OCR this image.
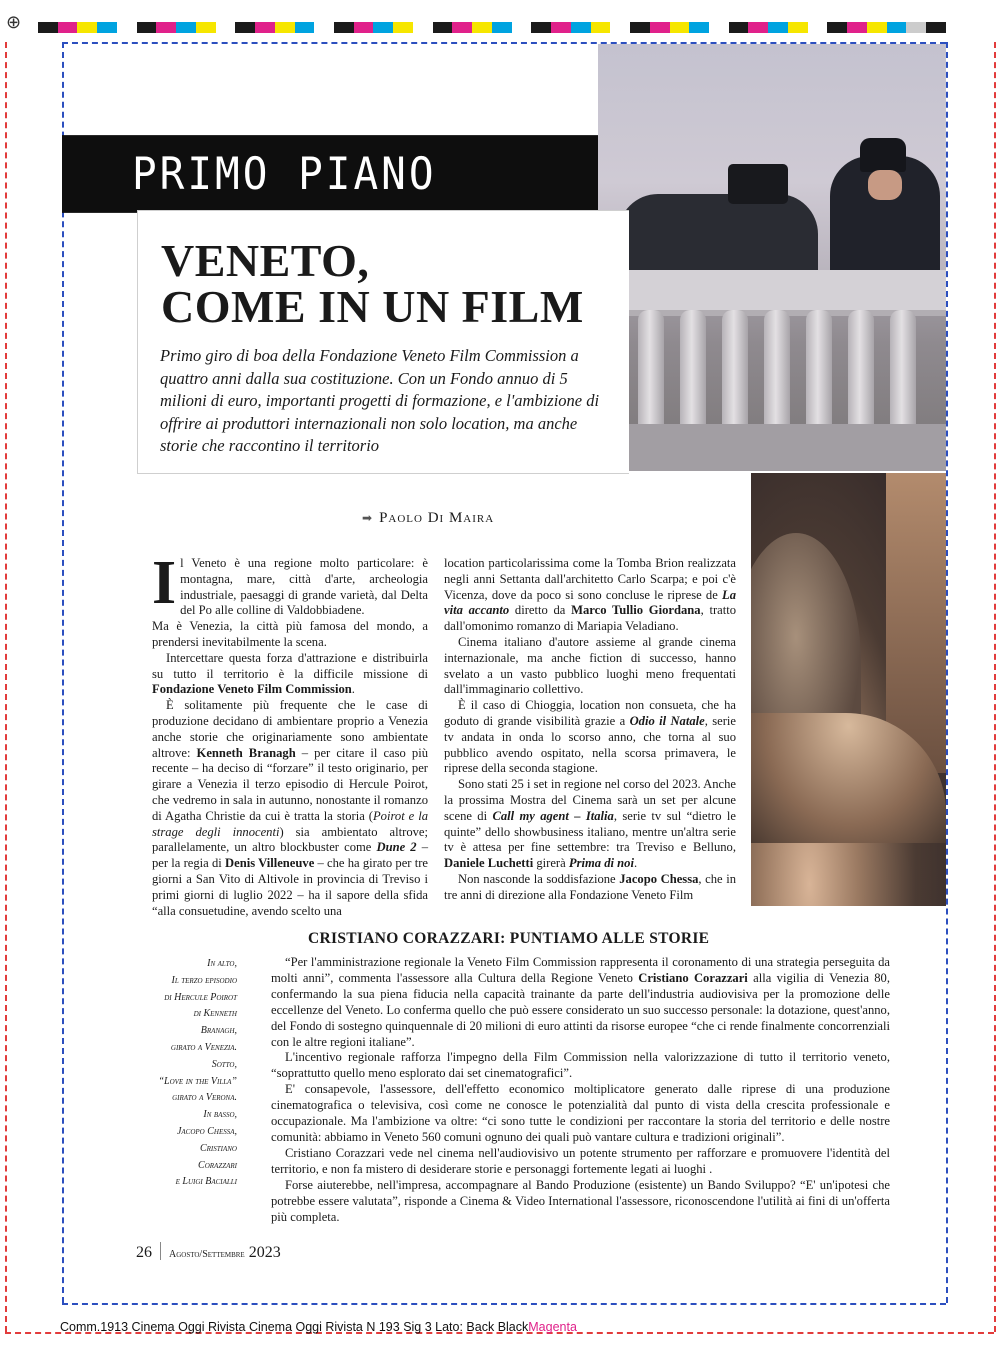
⊕
PRIMO PIANO
VENETO,
COME IN UN FILM
Primo giro di boa della Fondazione Veneto Film Commission a quattro anni dalla sua costituzione. Con un Fondo annuo di 5 milioni di euro, importanti progetti di formazione, e l'ambizione di offrire ai produttori internazionali non solo location, ma anche storie che raccontino il territorio
➡ Paolo Di Maira

Il Veneto è una regione molto particolare: è montagna, mare, città d'arte, archeologia industriale, paesaggi di grande varietà, dal Delta del Po alle colline di Valdobbiadene.

Ma è Venezia, la città più famosa del mondo, a prendersi inevitabilmente la scena.

Intercettare questa forza d'attrazione e distribuirla su tutto il territorio è la difficile missione di Fondazione Veneto Film Commission.

È solitamente più frequente che le case di produzione decidano di ambientare proprio a Venezia anche storie che originariamente sono ambientate altrove: Kenneth Branagh – per citare il caso più recente – ha deciso di “forzare” il testo originario, per girare a Venezia il terzo episodio di Hercule Poirot, che vedremo in sala in autunno, nonostante il romanzo di Agatha Christie da cui è tratta la storia (Poirot e la strage degli innocenti) sia ambientato altrove; parallelamente, un altro blockbuster come Dune 2 – per la regia di Denis Villeneuve – che ha girato per tre giorni a San Vito di Altivole in provincia di Treviso i primi giorni di luglio 2022 – ha il sapore della sfida “alla consuetudine, avendo scelto una

location particolarissima come la Tomba Brion realizzata negli anni Settanta dall'architetto Carlo Scarpa; e poi c'è Vicenza, dove da poco si sono concluse le riprese de La vita accanto diretto da Marco Tullio Giordana, tratto dall'omonimo romanzo di Mariapia Veladiano.

Cinema italiano d'autore assieme al grande cinema internazionale, ma anche fiction di successo, hanno svelato a un vasto pubblico luoghi meno frequentati dall'immaginario collettivo.

È il caso di Chioggia, location non consueta, che ha goduto di grande visibilità grazie a Odio il Natale, serie tv andata in onda lo scorso anno, che torna al suo pubblico avendo ospitato, nella scorsa primavera, le riprese della seconda stagione.

Sono stati 25 i set in regione nel corso del 2023. Anche la prossima Mostra del Cinema sarà un set per alcune scene di Call my agent – Italia, serie tv sul “dietro le quinte” dello showbusiness italiano, mentre un'altra serie tv è attesa per fine settembre: tra Treviso e Belluno, Daniele Luchetti girerà Prima di noi.

Non nasconde la soddisfazione Jacopo Chessa, che in tre anni di direzione alla Fondazione Veneto Film

CRISTIANO CORAZZARI: PUNTIAMO ALLE STORIE
In alto,
Il terzo episodio
di Hercule Poirot
di Kenneth
Branagh,
girato a Venezia.
Sotto,
“Love in the Villa”
girato a Verona.
In basso,
Jacopo Chessa,
Cristiano
Corazzari
e Luigi Bacialli

“Per l'amministrazione regionale la Veneto Film Commission rappresenta il coronamento di una strategia perseguita da molti anni”, commenta l'assessore alla Cultura della Regione Veneto Cristiano Corazzari alla vigilia di Venezia 80, confermando la sua piena fiducia nella capacità trainante da parte dell'industria audiovisiva per la promozione delle eccellenze del Veneto. Lo conferma quello che può essere considerato un suo successo personale: la dotazione, quest'anno, del Fondo di sostegno quinquennale di 20 milioni di euro attinti da risorse europee “che ci rende finalmente concorrenziali con le altre regioni italiane”.

L'incentivo regionale rafforza l'impegno della Film Commission nella valorizzazione di tutto il territorio veneto, “soprattutto quello meno esplorato dai set cinematografici”.

E' consapevole, l'assessore, dell'effetto economico moltiplicatore generato dalle riprese di una produzione cinematografica o televisiva, così come ne conosce le potenzialità dal punto di vista della crescita professionale e occupazionale. Ma l'ambizione va oltre: “ci sono tutte le condizioni per raccontare la storia del territorio e delle nostre comunità: abbiamo in Veneto 560 comuni ognuno dei quali può vantare cultura e tradizioni originali”.

Cristiano Corazzari vede nel cinema nell'audiovisivo un potente strumento per rafforzare e promuovere l'identità del territorio, e non fa mistero di desiderare storie e personaggi fortemente legati ai luoghi .

Forse aiuterebbe, nell'impresa, accompagnare al Bando Produzione (esistente) un Bando Sviluppo? “E' un'ipotesi che potrebbe essere valutata”, risponde a Cinema & Video International l'assessore, riconoscendone l'utilità ai fini di un'offerta più completa.

26 Agosto/Settembre 2023
Comm.1913 Cinema Oggi Rivista Cinema Oggi Rivista N 193 Sig 3 Lato: Back BlackMagenta
